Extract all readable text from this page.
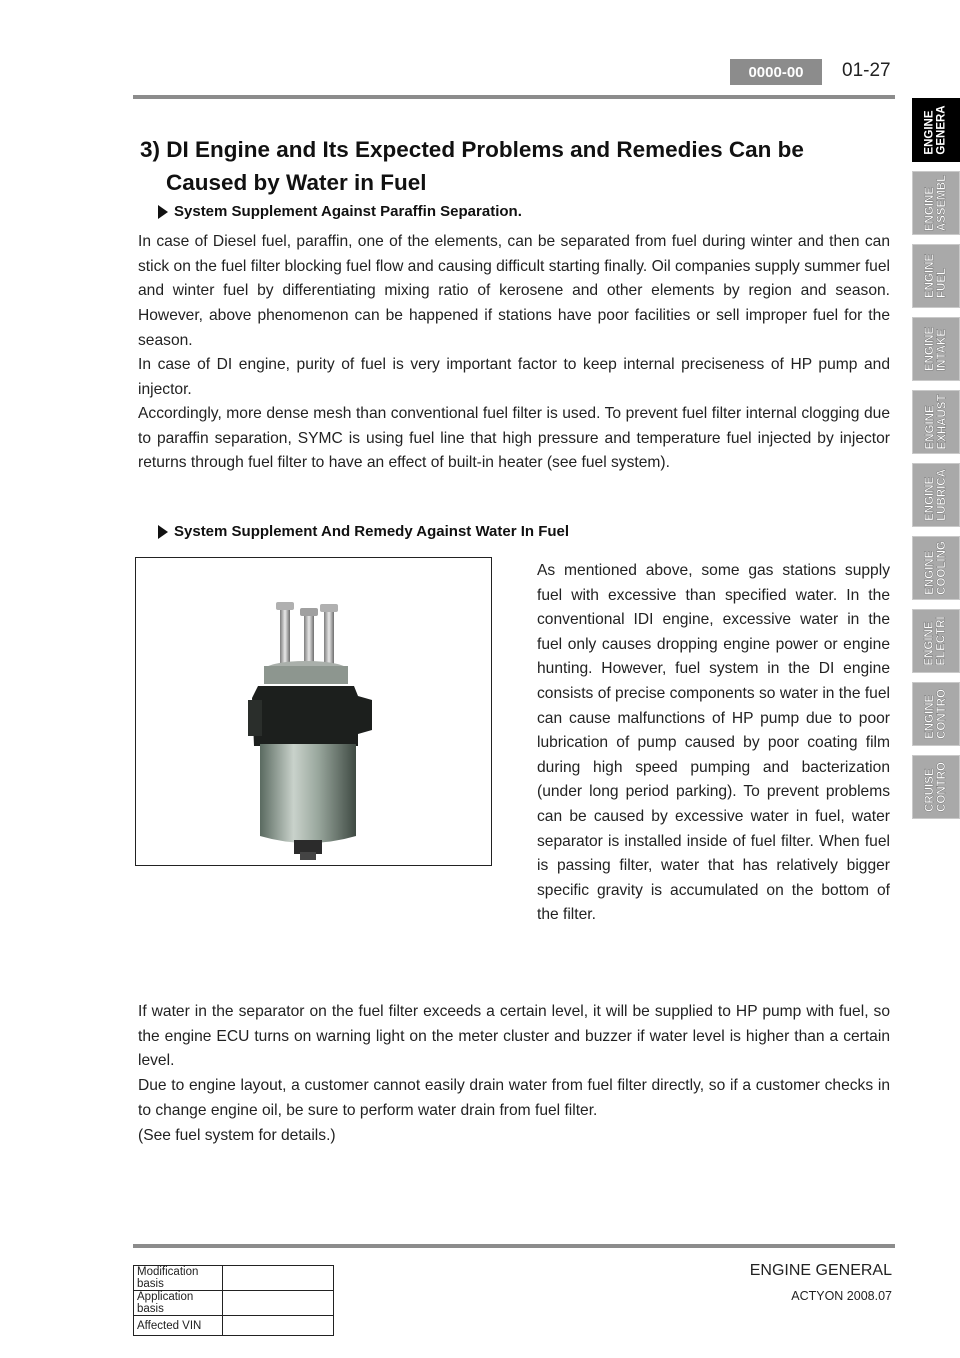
0000-00	01-27
ENGINE
GENERA
ENGINE
ASSEMBL
ENGINE
FUEL
ENGINE
INTAKE
ENGINE
EXHAUST
ENGINE
LUBRICA
ENGINE
COOLING
ENGINE
ELECTRI
ENGINE
CONTRO
CRUISE
CONTRO
3) DI Engine and Its Expected Problems and Remedies Can be
Caused by Water in Fuel
System Supplement Against Paraffin Separation.
In case of Diesel fuel, paraffin, one of the elements, can be separated from fuel during winter and then can stick on the fuel filter blocking fuel flow and causing difficult starting finally. Oil companies supply summer fuel and winter fuel by differentiating mixing ratio of kerosene and other elements by region and season. However, above phenomenon can be happened if stations have poor facilities or sell improper fuel for the season.
In case of DI engine, purity of fuel is very important factor to keep internal preciseness of HP pump and injector.
Accordingly, more dense mesh than conventional fuel filter is used. To prevent fuel filter internal clogging due to paraffin separation, SYMC is using fuel line that high pressure and temperature fuel injected by injector returns through fuel filter to have an effect of built-in heater (see fuel system).
System Supplement And Remedy Against Water In Fuel
As mentioned above, some gas stations supply fuel with excessive than specified water. In the conventional IDI engine, excessive water in the fuel only causes dropping engine power or engine hunting. However, fuel system in the DI engine consists of precise components so water in the fuel can cause malfunctions of HP pump due to poor lubrication of pump caused by poor coating film during high speed pumping and bacterization (under long period parking). To prevent problems can be caused by excessive water in fuel, water separator is installed inside of fuel filter. When fuel is passing filter, water that has relatively bigger specific gravity is accumulated on the bottom of the filter.
If water in the separator on the fuel filter exceeds a certain level, it will be supplied to HP pump with fuel, so the engine ECU turns on warning light on the meter cluster and buzzer if water level is higher than a certain level.
Due to engine layout, a customer cannot easily drain water from fuel filter directly, so if a customer checks in to change engine oil, be sure to perform water drain from fuel filter.
(See fuel system for details.)
Modification basis	
Application basis	
Affected VIN	
ENGINE GENERAL
ACTYON 2008.07
